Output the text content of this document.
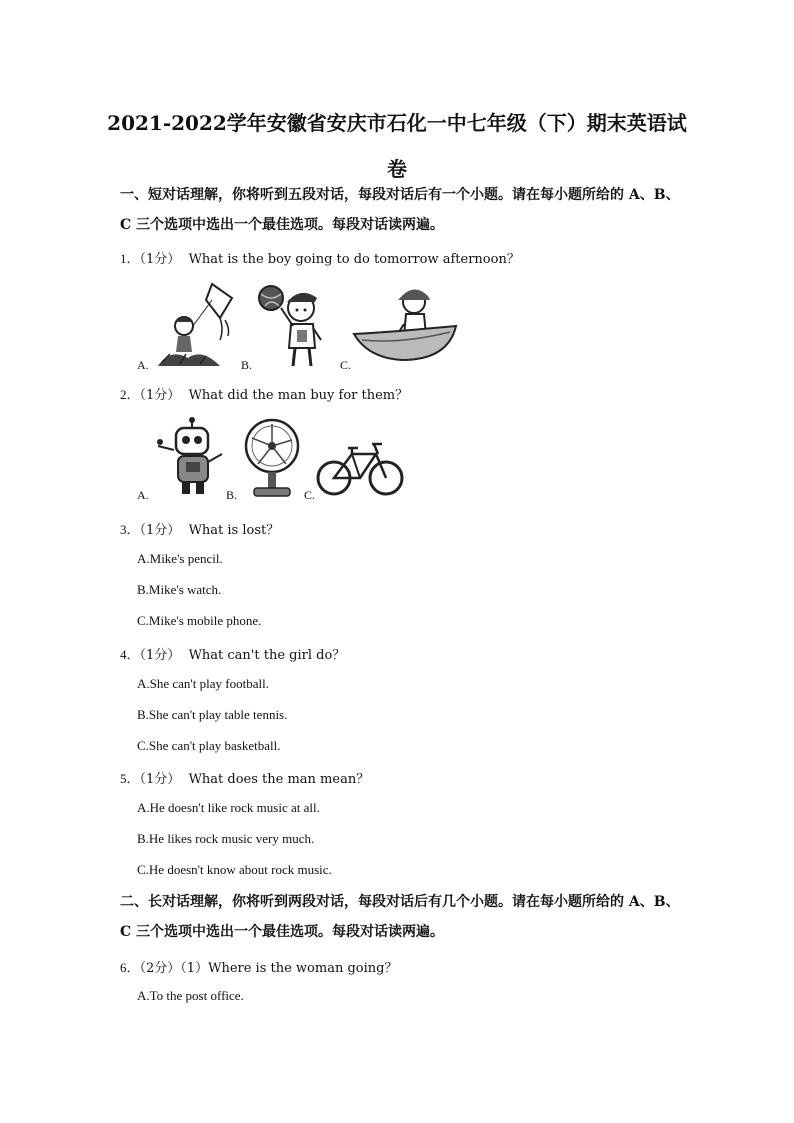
2021-2022学年安徽省安庆市石化一中七年级（下）期末英语试卷
一、短对话理解，你将听到五段对话，每段对话后有一个小题。请在每小题所给的 A、B、C 三个选项中选出一个最佳选项。每段对话读两遍。
1．（1分） What is the boy going to do tomorrow afternoon？
A.	B.	C.
2．（1分） What did the man buy for them？
A.	B.	C.
3．（1分） What is lost？
A.Mike's pencil.
B.Mike's watch.
C.Mike's mobile phone.
4．（1分） What can't the girl do？
A.She can't play football.
B.She can't play table tennis.
C.She can't play basketball.
5．（1分） What does the man mean？
A.He doesn't like rock music at all.
B.He likes rock music very much.
C.He doesn't know about rock music.
二、长对话理解，你将听到两段对话，每段对话后有几个小题。请在每小题所给的 A、B、C 三个选项中选出一个最佳选项。每段对话读两遍。
6．（2分）（1）Where is the woman going？
A.To the post office.
